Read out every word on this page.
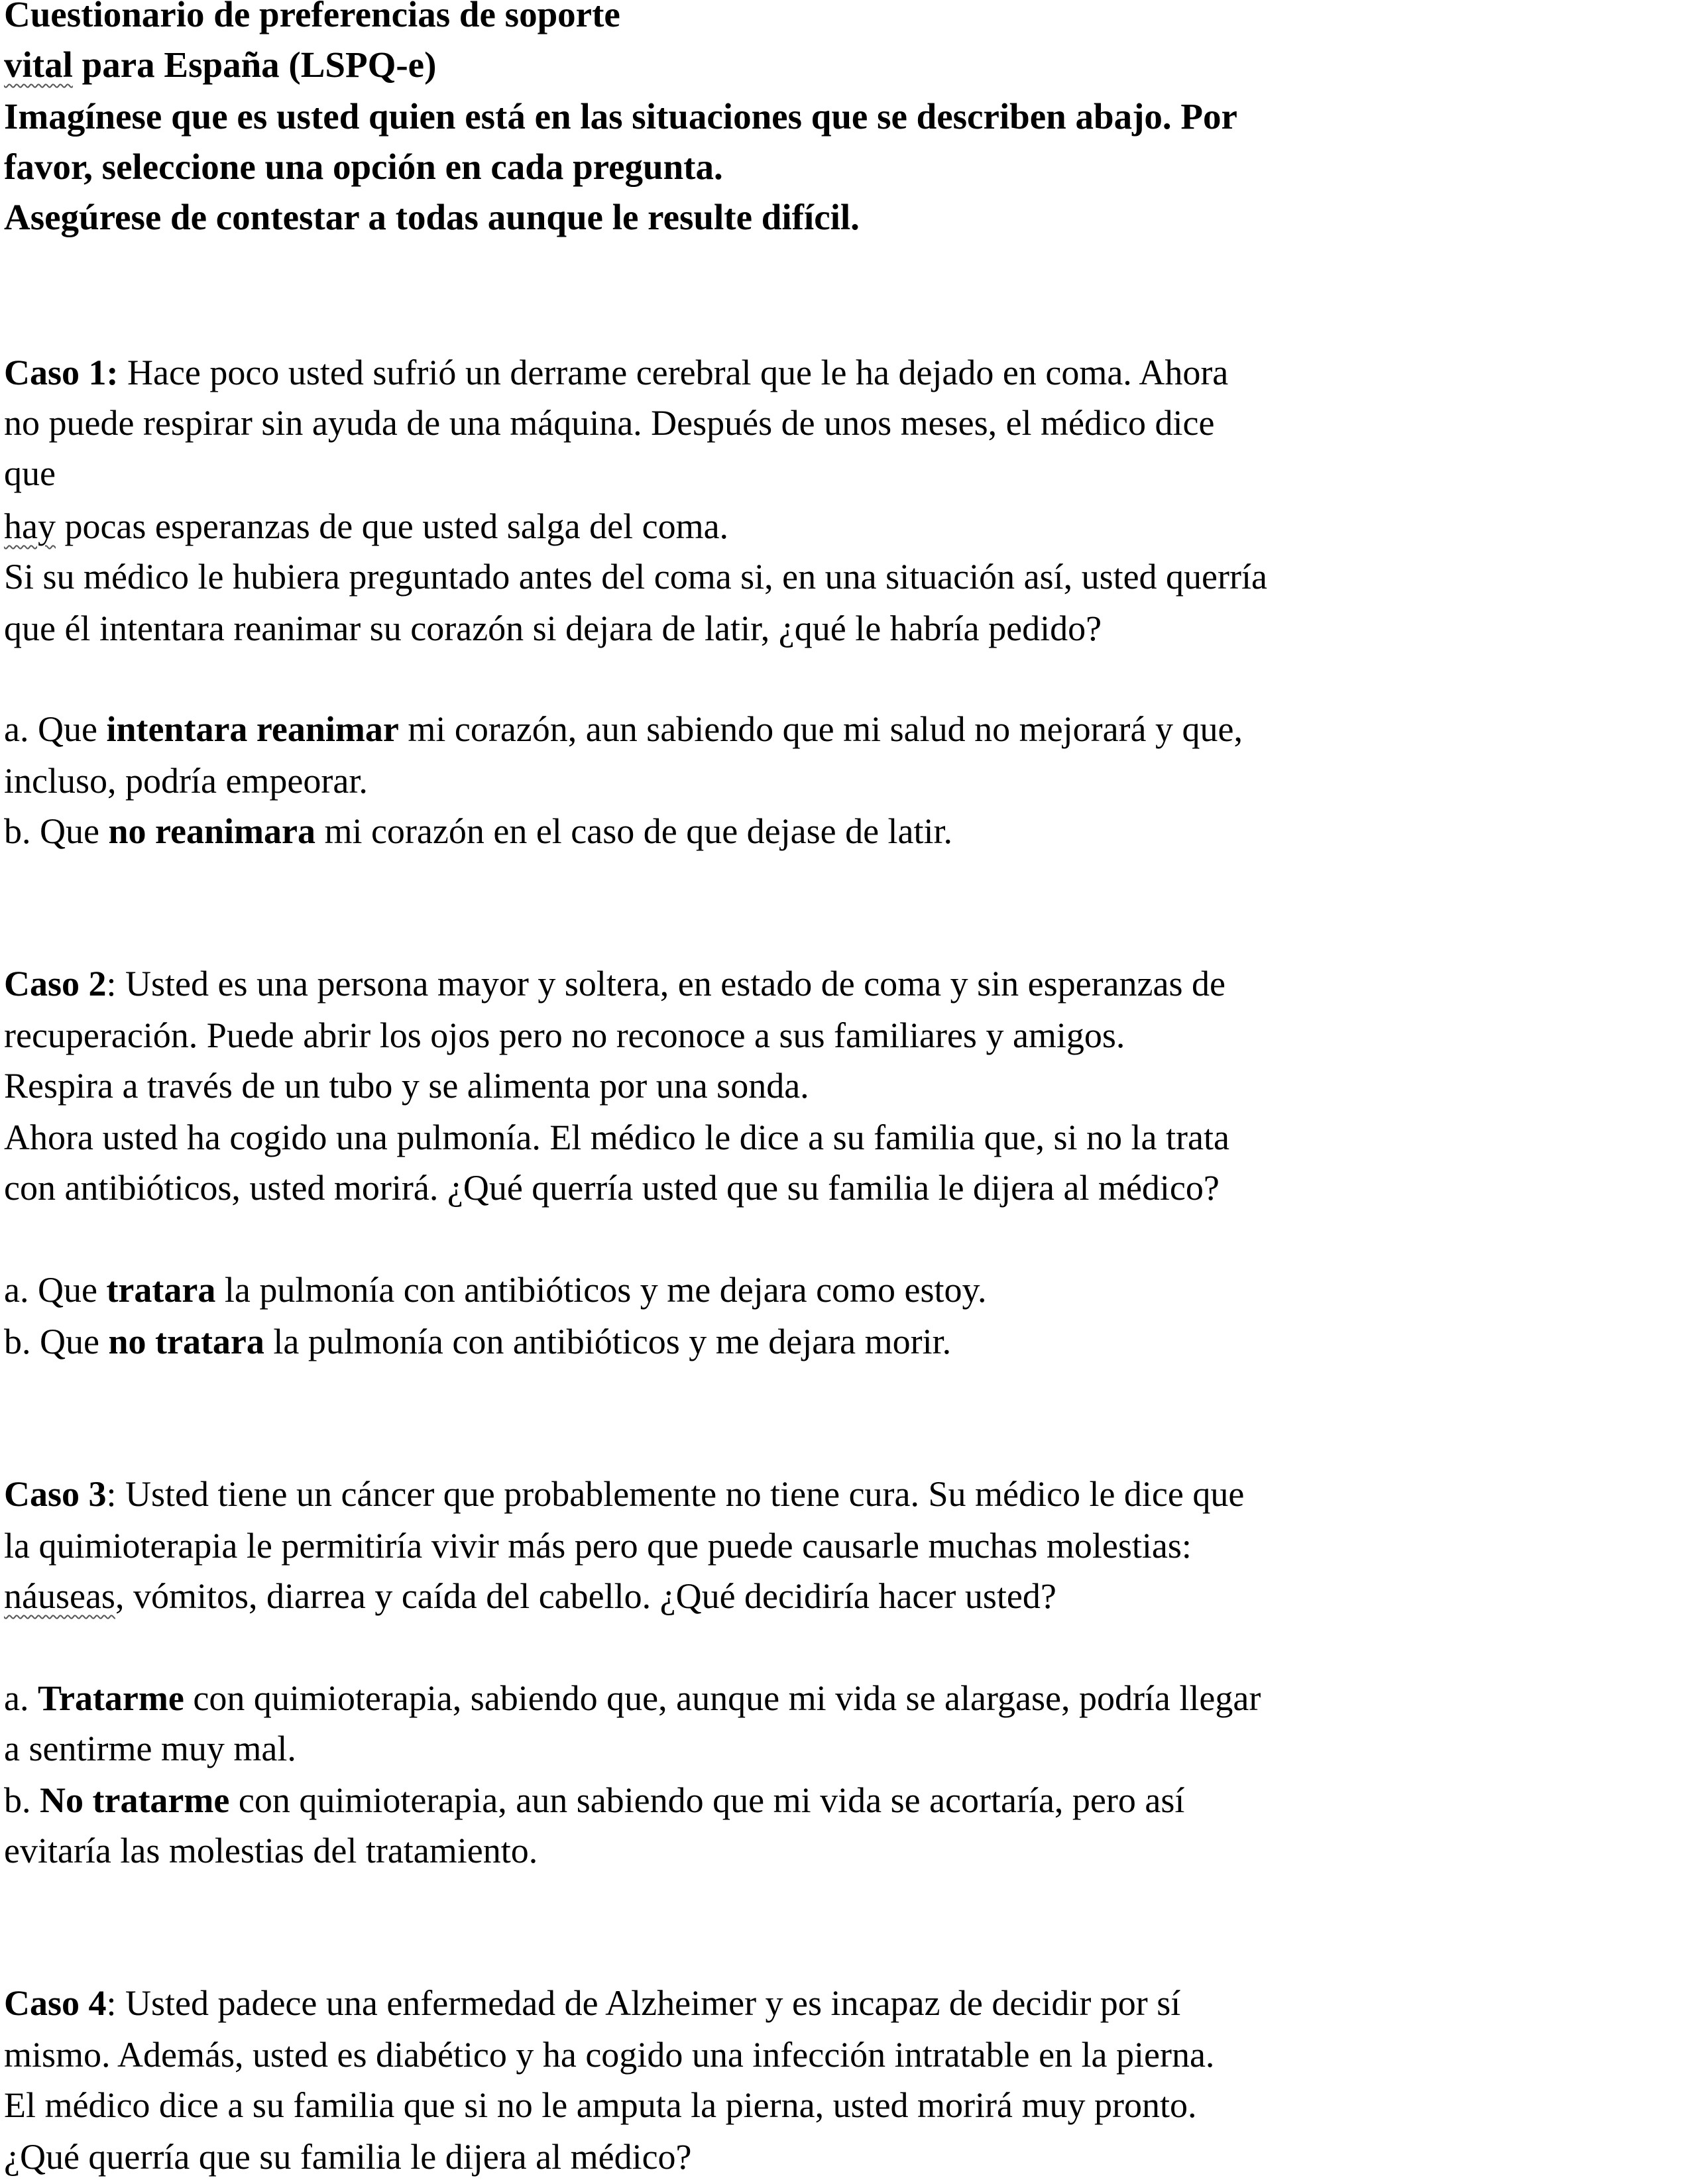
Cuestionario de preferencias de soporte
vital para España (LSPQ-e)
Imagínese que es usted quien está en las situaciones que se describen abajo. Por
favor, seleccione una opción en cada pregunta.
Asegúrese de contestar a todas aunque le resulte difícil.
Caso 1: Hace poco usted sufrió un derrame cerebral que le ha dejado en coma. Ahora
no puede respirar sin ayuda de una máquina. Después de unos meses, el médico dice
que
hay pocas esperanzas de que usted salga del coma.
Si su médico le hubiera preguntado antes del coma si, en una situación así, usted querría
que él intentara reanimar su corazón si dejara de latir, ¿qué le habría pedido?
a. Que intentara reanimar mi corazón, aun sabiendo que mi salud no mejorará y que,
incluso, podría empeorar.
b. Que no reanimara mi corazón en el caso de que dejase de latir.
Caso 2: Usted es una persona mayor y soltera, en estado de coma y sin esperanzas de
recuperación. Puede abrir los ojos pero no reconoce a sus familiares y amigos.
Respira a través de un tubo y se alimenta por una sonda.
Ahora usted ha cogido una pulmonía. El médico le dice a su familia que, si no la trata
con antibióticos, usted morirá. ¿Qué querría usted que su familia le dijera al médico?
a. Que tratara la pulmonía con antibióticos y me dejara como estoy.
b. Que no tratara la pulmonía con antibióticos y me dejara morir.
Caso 3: Usted tiene un cáncer que probablemente no tiene cura. Su médico le dice que
la quimioterapia le permitiría vivir más pero que puede causarle muchas molestias:
náuseas, vómitos, diarrea y caída del cabello. ¿Qué decidiría hacer usted?
a. Tratarme con quimioterapia, sabiendo que, aunque mi vida se alargase, podría llegar
a sentirme muy mal.
b. No tratarme con quimioterapia, aun sabiendo que mi vida se acortaría, pero así
evitaría las molestias del tratamiento.
Caso 4: Usted padece una enfermedad de Alzheimer y es incapaz de decidir por sí
mismo. Además, usted es diabético y ha cogido una infección intratable en la pierna.
El médico dice a su familia que si no le amputa la pierna, usted morirá muy pronto.
¿Qué querría que su familia le dijera al médico?
